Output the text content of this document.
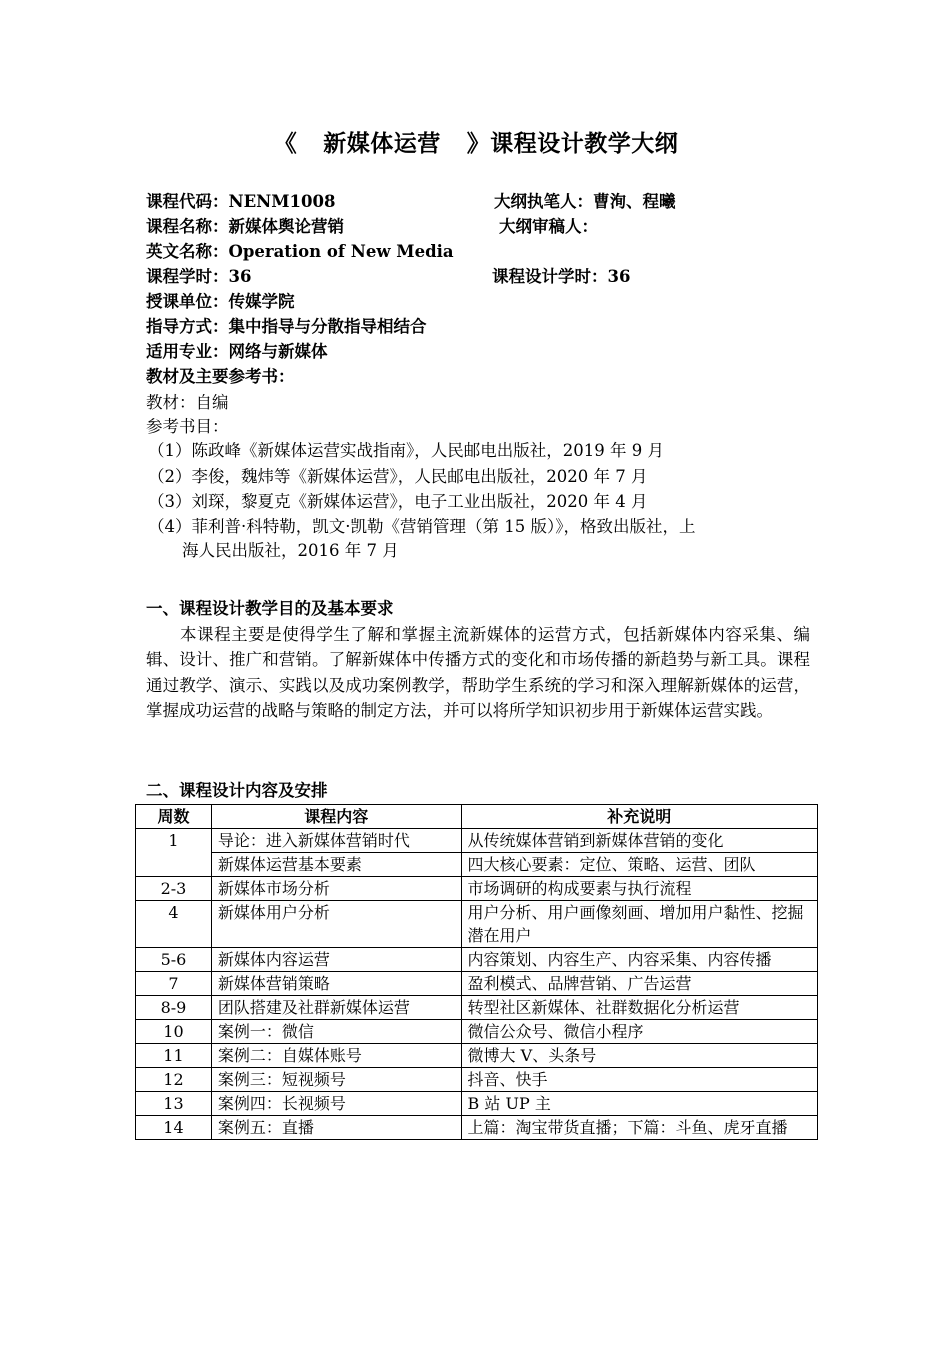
《 新媒体运营 》课程设计教学大纲
课程代码：NENM1008	大纲执笔人：曹洵、程曦
课程名称：新媒体舆论营销	大纲审稿人：
英文名称：Operation of New Media
课程学时：36	课程设计学时：36
授课单位：传媒学院
指导方式：集中指导与分散指导相结合
适用专业：网络与新媒体
教材及主要参考书：
教材：自编
参考书目：
（1）陈政峰《新媒体运营实战指南》，人民邮电出版社，2019 年 9 月
（2）李俊，魏炜等《新媒体运营》，人民邮电出版社，2020 年 7 月
（3）刘琛，黎夏克《新媒体运营》，电子工业出版社，2020 年 4 月
（4）菲利普·科特勒，凯文·凯勒《营销管理（第 15 版）》，格致出版社，上
海人民出版社，2016 年 7 月
一、课程设计教学目的及基本要求
本课程主要是使得学生了解和掌握主流新媒体的运营方式，包括新媒体内容采集、编辑、设计、推广和营销。了解新媒体中传播方式的变化和市场传播的新趋势与新工具。课程通过教学、演示、实践以及成功案例教学，帮助学生系统的学习和深入理解新媒体的运营，掌握成功运营的战略与策略的制定方法，并可以将所学知识初步用于新媒体运营实践。
二、课程设计内容及安排
周数	课程内容	补充说明
1	导论：进入新媒体营销时代	从传统媒体营销到新媒体营销的变化
	新媒体运营基本要素	四大核心要素：定位、策略、运营、团队
2-3	新媒体市场分析	市场调研的构成要素与执行流程
4	新媒体用户分析	用户分析、用户画像刻画、增加用户黏性、挖掘潜在用户
5-6	新媒体内容运营	内容策划、内容生产、内容采集、内容传播
7	新媒体营销策略	盈利模式、品牌营销、广告运营
8-9	团队搭建及社群新媒体运营	转型社区新媒体、社群数据化分析运营
10	案例一：微信	微信公众号、微信小程序
11	案例二：自媒体账号	微博大 V、头条号
12	案例三：短视频号	抖音、快手
13	案例四：长视频号	B 站 UP 主
14	案例五：直播	上篇：淘宝带货直播；下篇：斗鱼、虎牙直播
